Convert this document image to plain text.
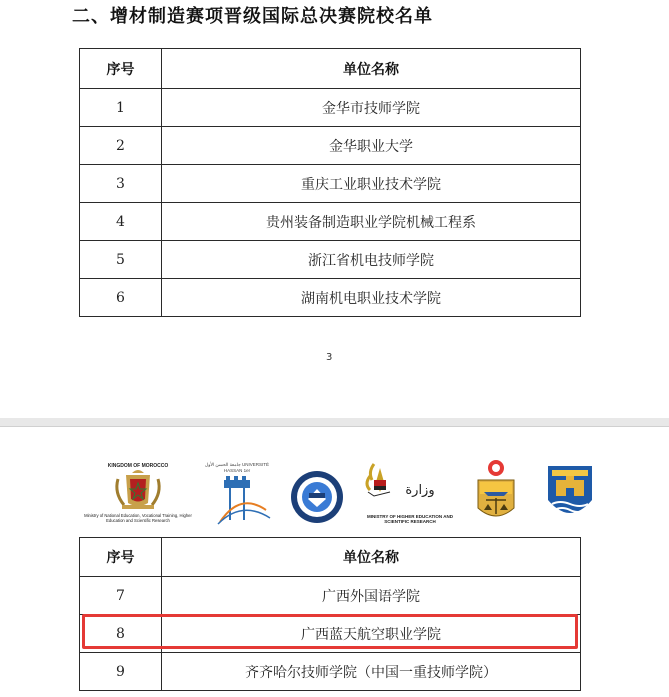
二、增材制造赛项晋级国际总决赛院校名单
序号	单位名称
1	金华市技师学院
2	金华职业大学
3	重庆工业职业技术学院
4	贵州装备制造职业学院机械工程系
5	浙江省机电技师学院
6	湖南机电职业技术学院
3
KINGDOM OF MOROCCO
Ministry of National Education, Vocational Training, Higher Education and Scientific Research
جامعة الحسن الأول UNIVERSITÉ HASSAN 1er
وزارة
MINISTRY OF HIGHER EDUCATION AND SCIENTIFIC RESEARCH
序号	单位名称
7	广西外国语学院
8	广西蓝天航空职业学院
9	齐齐哈尔技师学院（中国一重技师学院）
